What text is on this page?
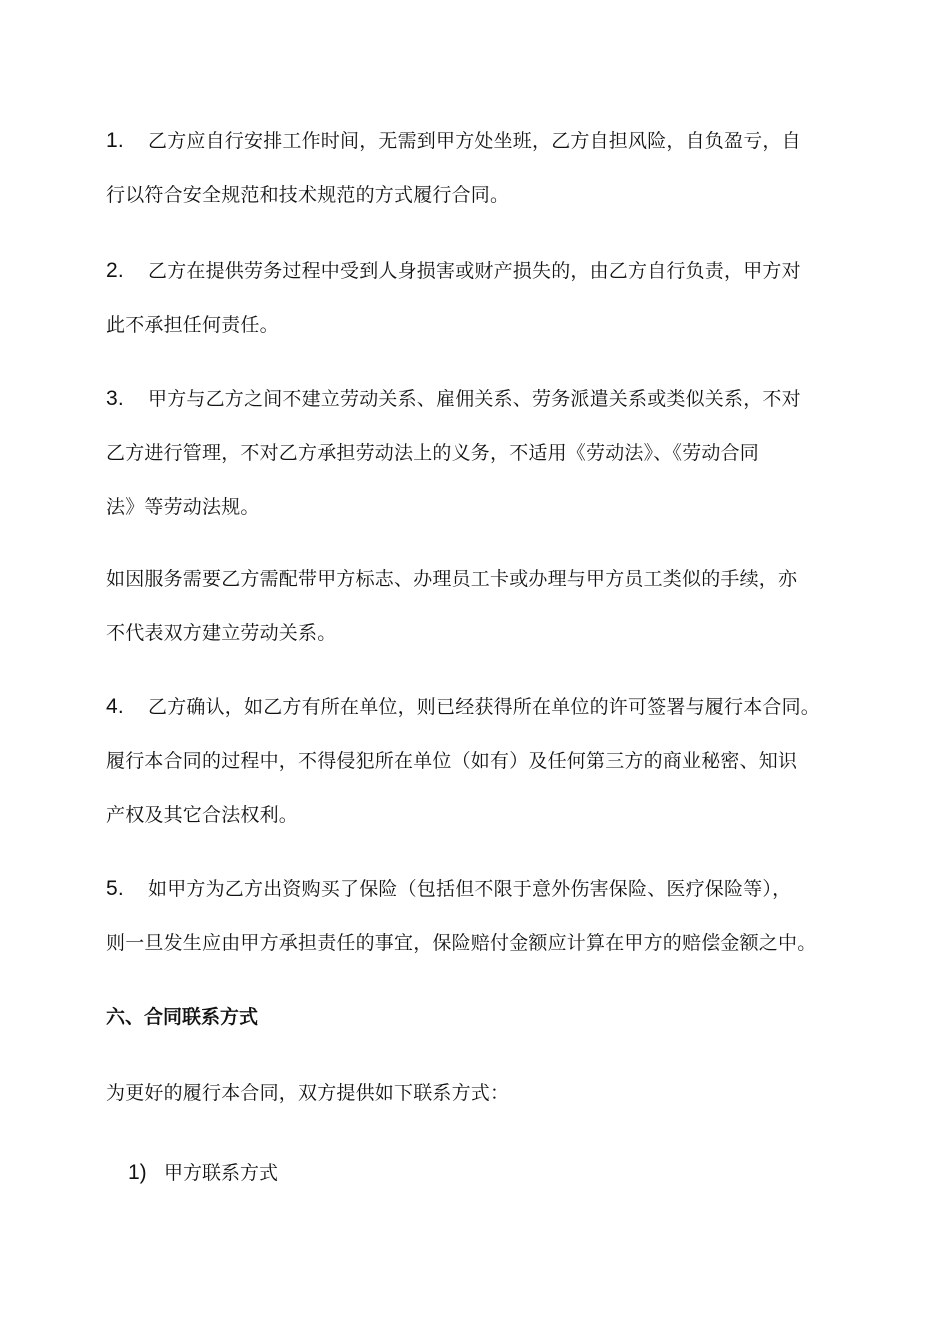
1. 乙方应自行安排工作时间，无需到甲方处坐班，乙方自担风险，自负盈亏，自
行以符合安全规范和技术规范的方式履行合同。

2. 乙方在提供劳务过程中受到人身损害或财产损失的，由乙方自行负责，甲方对
此不承担任何责任。

3. 甲方与乙方之间不建立劳动关系、雇佣关系、劳务派遣关系或类似关系，不对
乙方进行管理，不对乙方承担劳动法上的义务，不适用《劳动法》、《劳动合同
法》等劳动法规。

如因服务需要乙方需配带甲方标志、办理员工卡或办理与甲方员工类似的手续，亦
不代表双方建立劳动关系。

4. 乙方确认，如乙方有所在单位，则已经获得所在单位的许可签署与履行本合同。
履行本合同的过程中，不得侵犯所在单位（如有）及任何第三方的商业秘密、知识
产权及其它合法权利。

5. 如甲方为乙方出资购买了保险（包括但不限于意外伤害保险、医疗保险等），
则一旦发生应由甲方承担责任的事宜，保险赔付金额应计算在甲方的赔偿金额之中。

六、合同联系方式

为更好的履行本合同，双方提供如下联系方式：

1) 甲方联系方式
